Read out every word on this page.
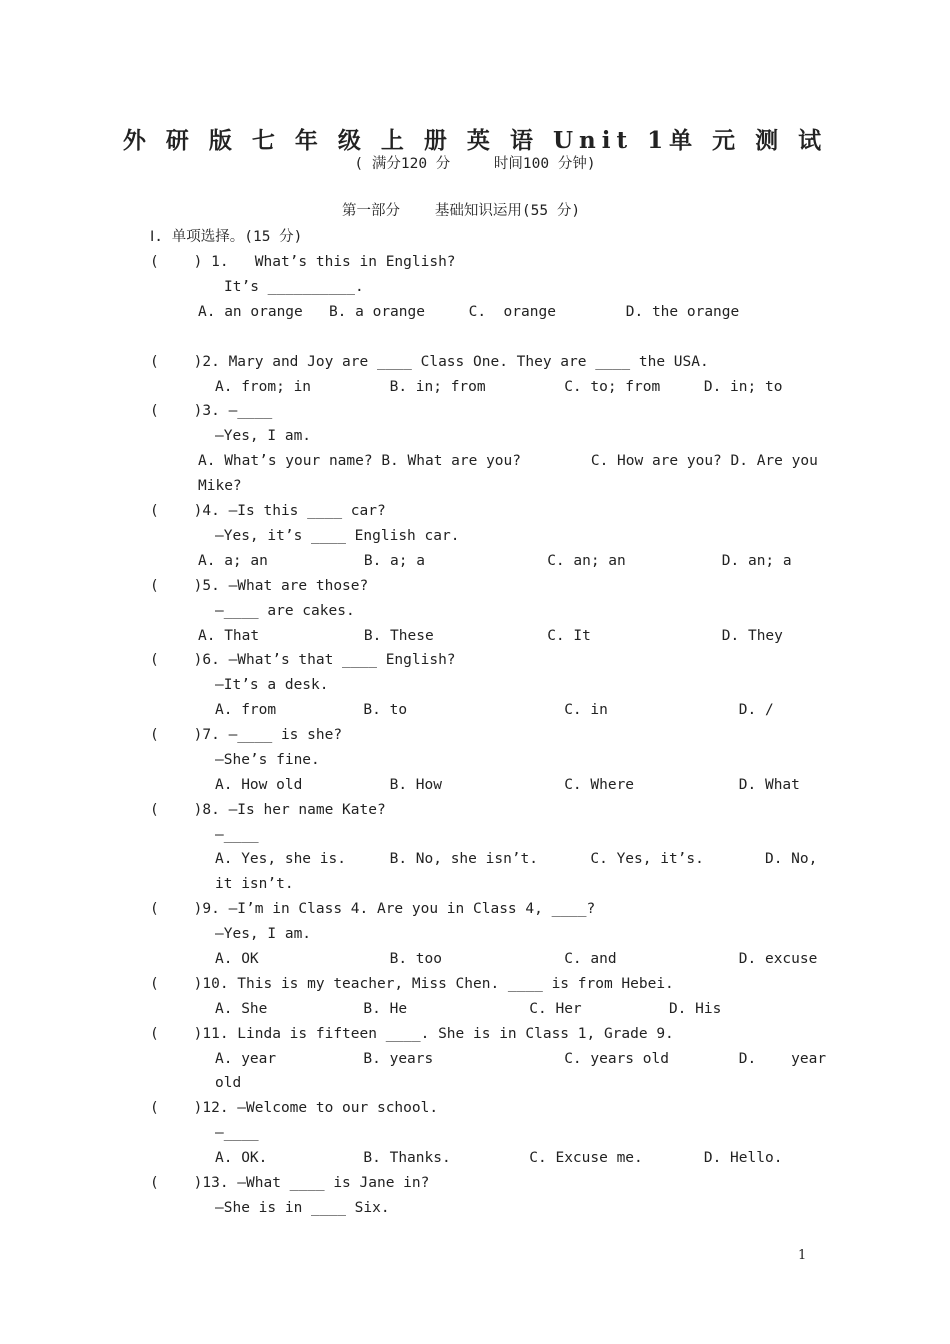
外 研 版 七 年 级 上 册 英 语 Unit 1单 元 测 试
( 满分120 分     时间100 分钟)
第一部分    基础知识运用(55 分)
Ⅰ. 单项选择。(15 分)
(    ) 1.   What’s this in English?
It’s __________.
A. an orange   B. a orange     C.  orange        D. the orange
(    )2. Mary and Joy are ____ Class One. They are ____ the USA.
A. from; in         B. in; from         C. to; from     D. in; to
(    )3. —____
—Yes, I am.
A. What’s your name? B. What are you?        C. How are you? D. Are you
Mike?
(    )4. —Is this ____ car?
—Yes, it’s ____ English car.
A. a; an           B. a; a              C. an; an           D. an; a
(    )5. —What are those?
—____ are cakes.
A. That            B. These             C. It               D. They
(    )6. —What’s that ____ English?
—It’s a desk.
A. from          B. to                  C. in               D. /
(    )7. —____ is she?
—She’s fine.
A. How old          B. How              C. Where            D. What
(    )8. —Is her name Kate?
—____
A. Yes, she is.     B. No, she isn’t.      C. Yes, it’s.       D. No,
it isn’t.
(    )9. —I’m in Class 4. Are you in Class 4, ____?
—Yes, I am.
A. OK               B. too              C. and              D. excuse
(    )10. This is my teacher, Miss Chen. ____ is from Hebei.
A. She           B. He              C. Her          D. His
(    )11. Linda is fifteen ____. She is in Class 1, Grade 9.
A. year          B. years               C. years old        D.    year
old
(    )12. —Welcome to our school.
—____
A. OK.           B. Thanks.         C. Excuse me.       D. Hello.
(    )13. —What ____ is Jane in?
—She is in ____ Six.
1
